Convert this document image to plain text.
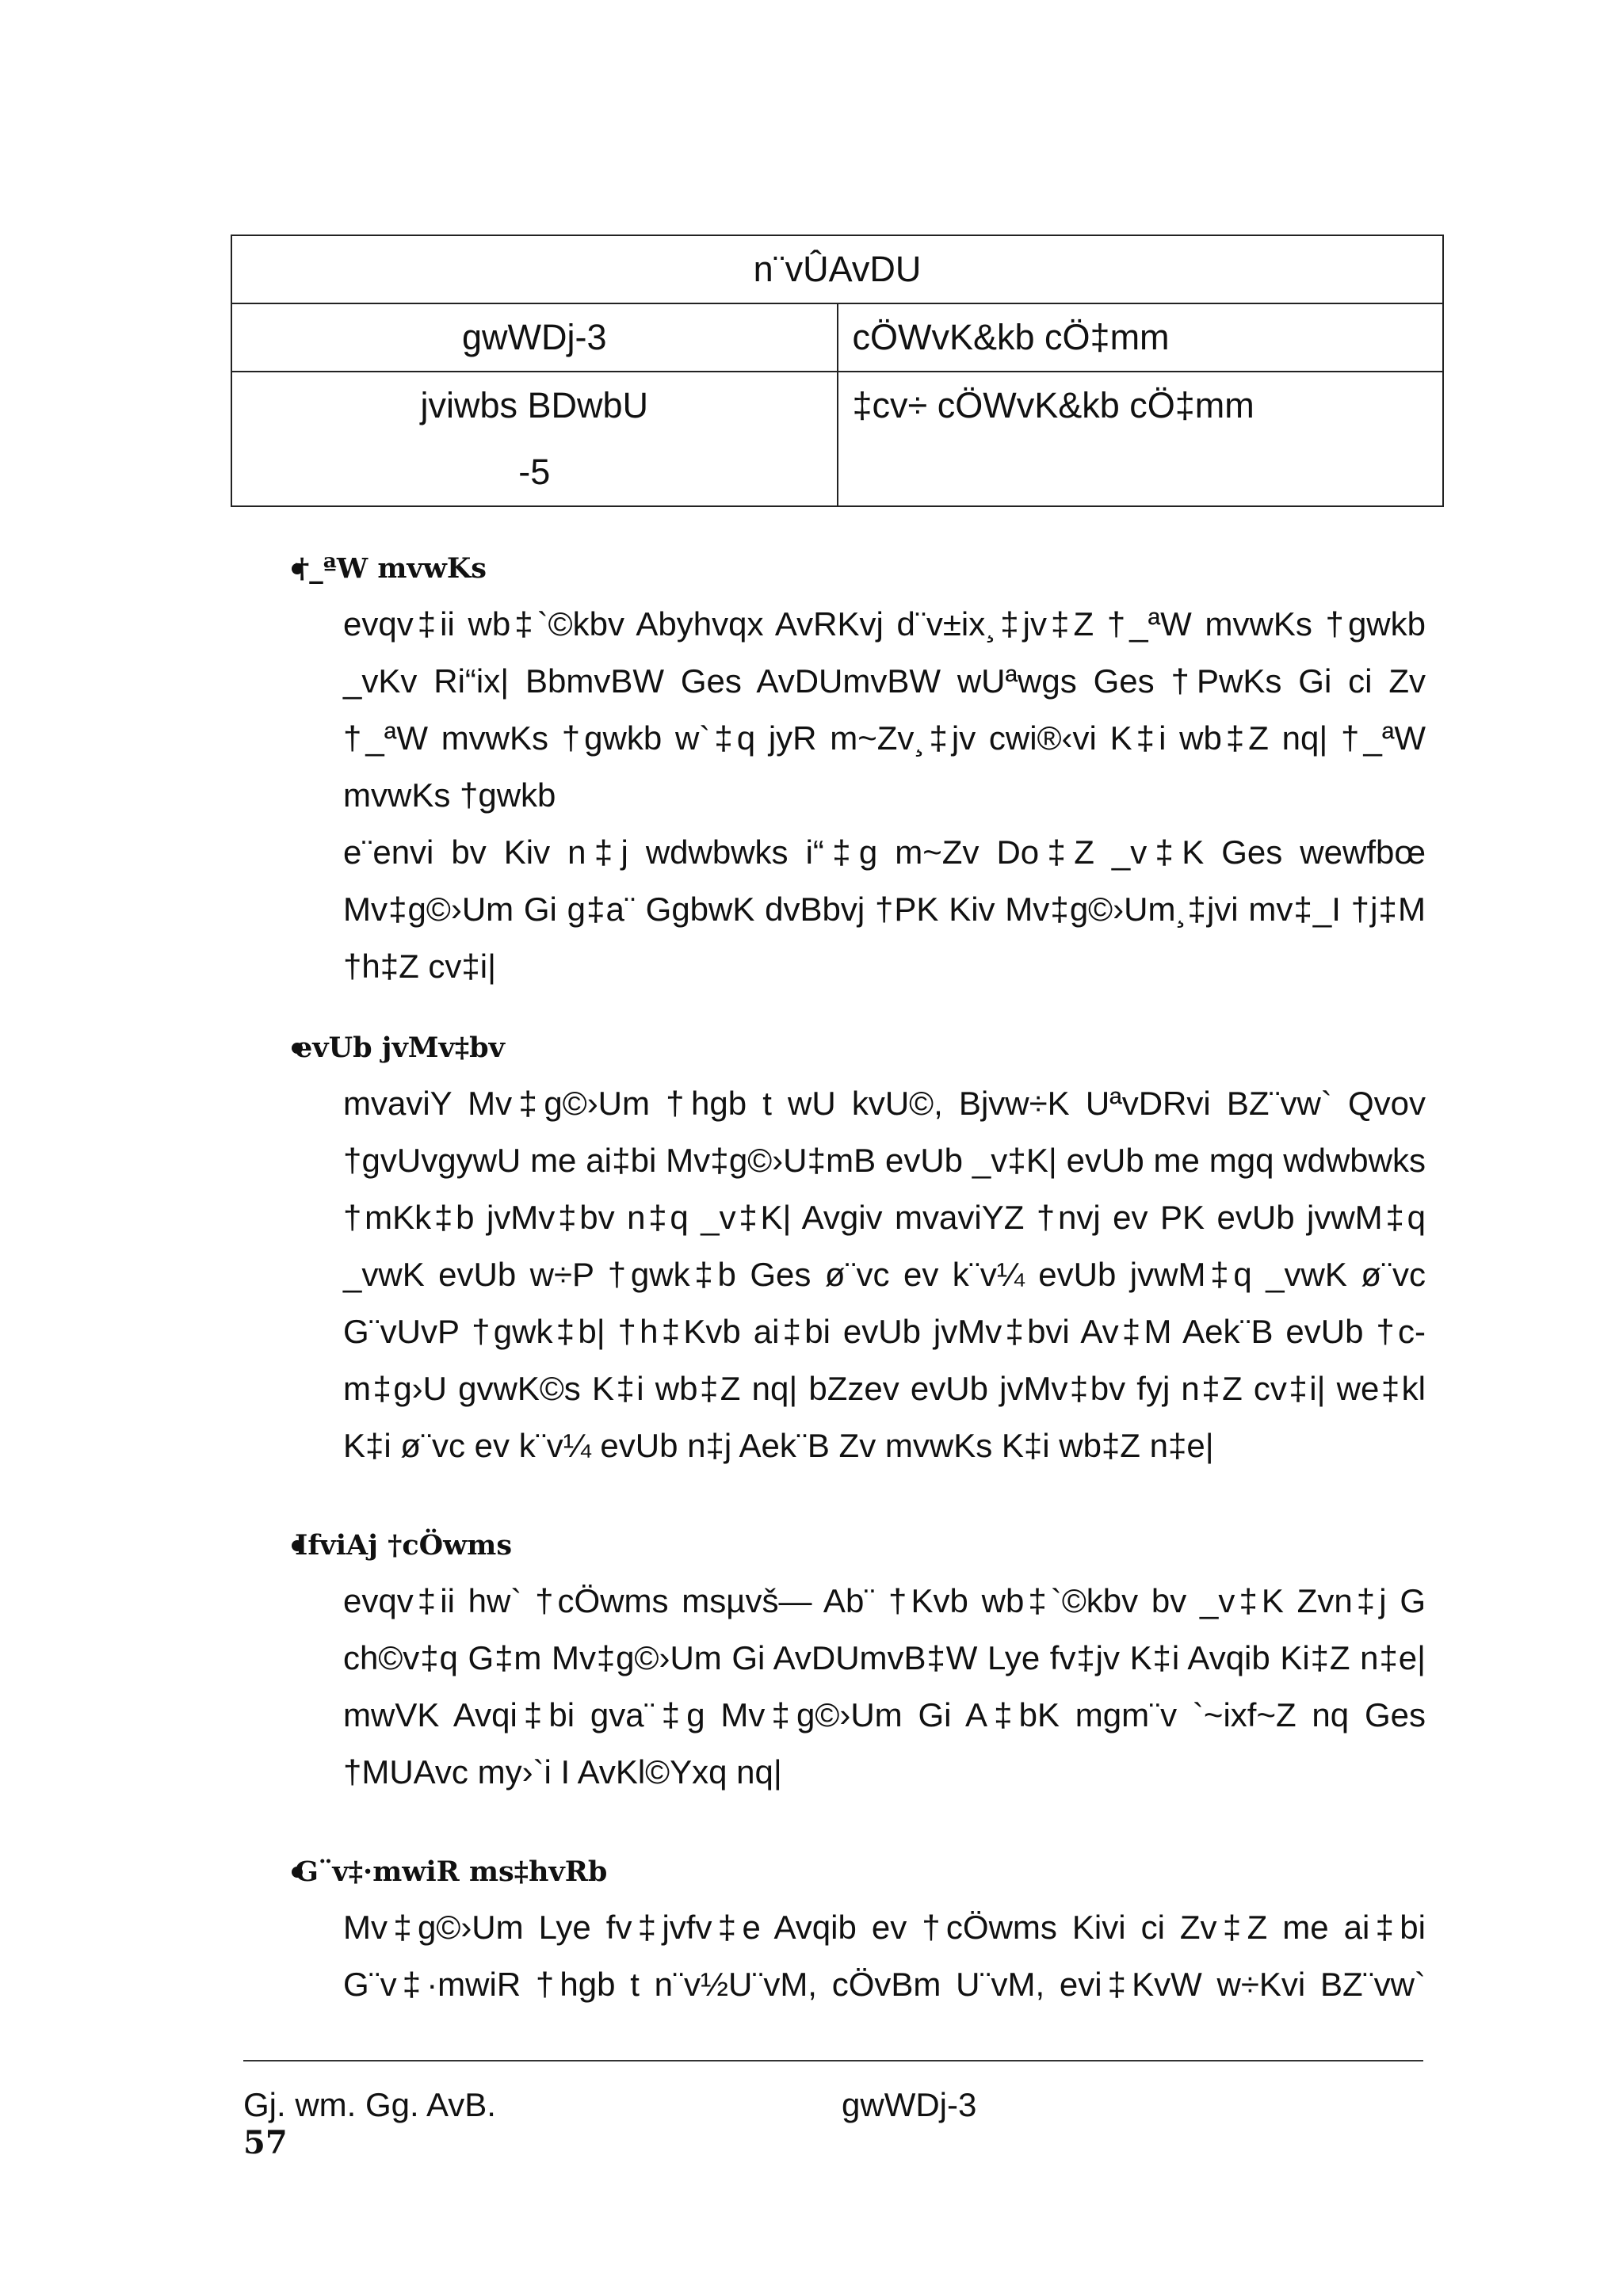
n¨vÛAvDU	
gwWDj-3	cÖWvK&kb cÖ‡mm

jviwbs BDwbU
-5	‡cv÷ cÖWvK&kb cÖ‡mm
†_ªW mvwKs

evqv‡ii wb‡`©kbv Abyhvqx AvRKvj d¨v±ix¸‡jv‡Z †_ªW mvwKs †gwkb _vKv Ri“ix| BbmvBW Ges AvDUmvBW wUªwgs Ges †PwKs Gi ci Zv †_ªW mvwKs †gwkb w`‡q jyR m~Zv¸‡jv cwi®‹vi K‡i wb‡Z nq| †_ªW mvwKs †gwkb

e¨envi bv Kiv n‡j wdwbwks i“‡g m~Zv Do‡Z _v‡K Ges wewfbœ Mv‡g©›Um Gi g‡a¨ GgbwK dvBbvj †PK Kiv Mv‡g©›Um¸‡jvi mv‡_I †j‡M †h‡Z cv‡i|

evUb jvMv‡bv

mvaviY Mv‡g©›Um †hgb t wU kvU©, Bjvw÷K UªvDRvi BZ¨vw` Qvov †gvUvgywU me ai‡bi Mv‡g©›U‡mB evUb _v‡K| evUb me mgq wdwbwks †mKk‡b jvMv‡bv n‡q _v‡K| Avgiv mvaviYZ †nvj ev PK evUb jvwM‡q _vwK evUb w÷P †gwk‡b Ges ø¨vc ev k¨v¼ evUb jvwM‡q _vwK ø¨vc G¨vUvP †gwk‡b| †h‡Kvb ai‡bi evUb jvMv‡bvi Av‡M Aek¨B evUb †c-m‡g›U gvwK©s K‡i wb‡Z nq| bZzev evUb jvMv‡bv fyj n‡Z cv‡i| we‡kl K‡i ø¨vc ev k¨v¼ evUb n‡j Aek¨B Zv mvwKs K‡i wb‡Z n‡e|

IfviAj †cÖwms

evqv‡ii hw` †cÖwms msµvš— Ab¨ †Kvb wb‡`©kbv bv _v‡K Zvn‡j G ch©v‡q G‡m Mv‡g©›Um Gi AvDUmvB‡W Lye fv‡jv K‡i Avqib Ki‡Z n‡e| mwVK Avqi‡bi gva¨‡g Mv‡g©›Um Gi A‡bK mgm¨v `~ixf~Z nq Ges †MUAvc my›`i I AvKl©Yxq nq|

G¨v‡·mwiR ms‡hvRb

Mv‡g©›Um Lye fv‡jvfv‡e Avqib ev †cÖwms Kivi ci Zv‡Z me ai‡bi G¨v‡·mwiR †hgb t n¨v½U¨vM, cÖvBm U¨vM, evi‡KvW w÷Kvi BZ¨vw`

Gj. wm. Gg. AvB.	gwWDj-3
57
